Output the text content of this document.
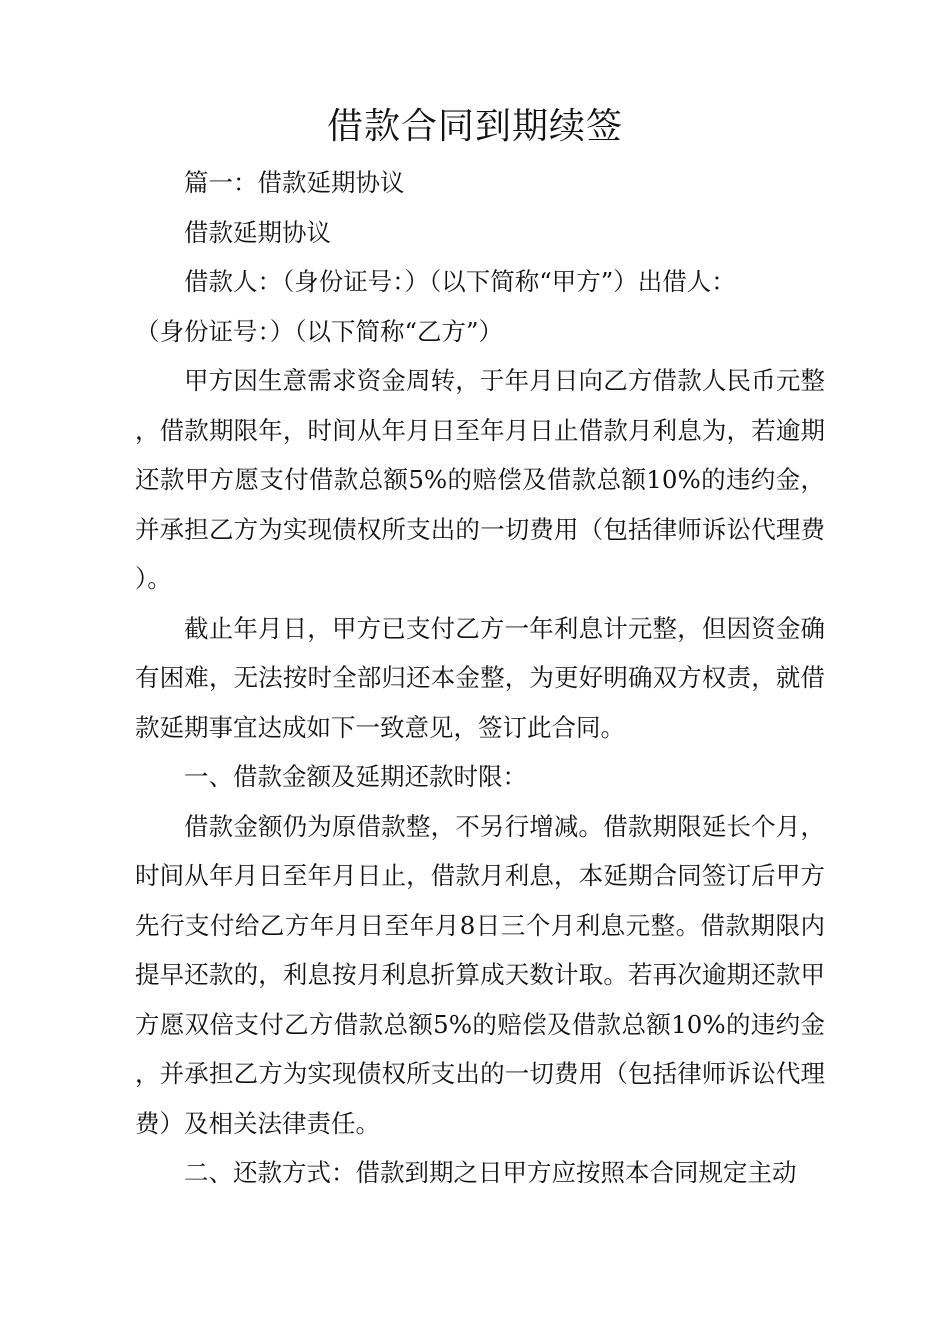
借款合同到期续签

篇一：借款延期协议

借款延期协议

借款人：（身份证号：）（以下简称“甲方”）出借人：

（身份证号：）（以下简称“乙方”）

甲方因生意需求资金周转，于年月日向乙方借款人民币元整，借款期限年，时间从年月日至年月日止借款月利息为，若逾期还款甲方愿支付借款总额5%的赔偿及借款总额10%的违约金，并承担乙方为实现债权所支出的一切费用（包括律师诉讼代理费）。

截止年月日，甲方已支付乙方一年利息计元整，但因资金确有困难，无法按时全部归还本金整，为更好明确双方权责，就借款延期事宜达成如下一致意见，签订此合同。

一、借款金额及延期还款时限：

借款金额仍为原借款整，不另行增减。借款期限延长个月，时间从年月日至年月日止，借款月利息，本延期合同签订后甲方先行支付给乙方年月日至年月8日三个月利息元整。借款期限内提早还款的，利息按月利息折算成天数计取。若再次逾期还款甲方愿双倍支付乙方借款总额5%的赔偿及借款总额10%的违约金，并承担乙方为实现债权所支出的一切费用（包括律师诉讼代理费）及相关法律责任。

二、还款方式：借款到期之日甲方应按照本合同规定主动
